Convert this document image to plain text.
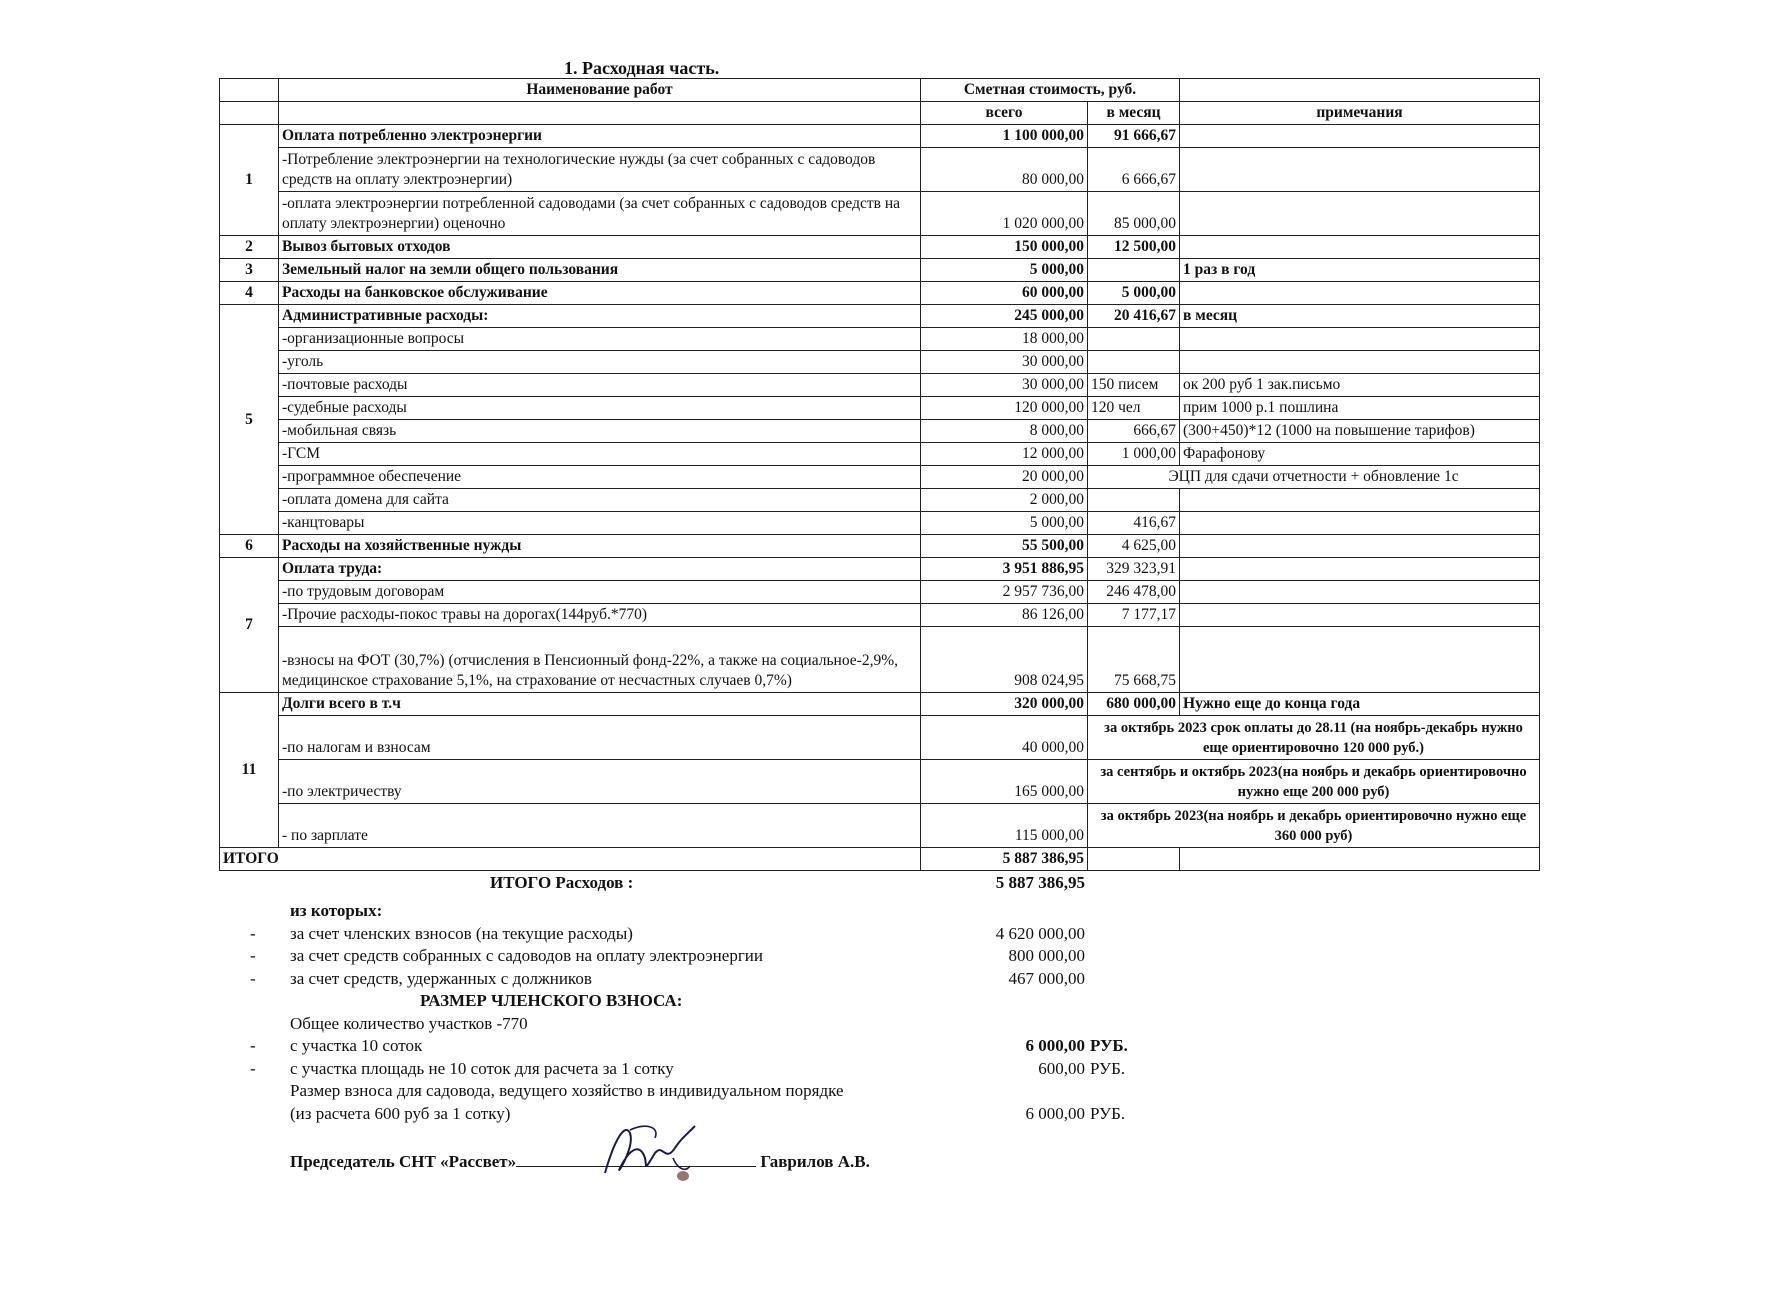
1. Расходная часть.
	Наименование работ	Сметная стоимость, руб.		
		всего	в месяц	примечания
1	Оплата потребленно электроэнергии	1 100 000,00	91 666,67	
	-Потребление электроэнергии на технологические нужды (за счет собранных с садоводов средств на оплату электроэнергии)	80 000,00	6 666,67	
	-оплата электроэнергии потребленной садоводами (за счет собранных с садоводов средств на оплату электроэнергии) оценочно	1 020 000,00	85 000,00	
2	Вывоз бытовых отходов	150 000,00	12 500,00	
3	Земельный налог на земли общего пользования	5 000,00		1 раз в год
4	Расходы на банковское обслуживание	60 000,00	5 000,00	
5	Административные расходы:	245 000,00	20 416,67	в месяц
	-организационные вопросы	18 000,00		
	-уголь	30 000,00		
	-почтовые расходы	30 000,00	150 писем	ок 200 руб 1 зак.письмо
	-судебные расходы	120 000,00	120 чел	прим 1000 р.1 пошлина
	-мобильная связь	8 000,00	666,67	(300+450)*12 (1000 на повышение тарифов)
	-ГСМ	12 000,00	1 000,00	Фарафонову
	-программное обеспечение	20 000,00	ЭЦП для сдачи отчетности + обновление 1с	
	-оплата домена для сайта	2 000,00		
	-канцтовары	5 000,00	416,67	
6	Расходы на хозяйственные нужды	55 500,00	4 625,00	
7	Оплата труда:	3 951 886,95	329 323,91	
	-по трудовым договорам	2 957 736,00	246 478,00	
	-Прочие расходы-покос травы на дорогах(144руб.*770)	86 126,00	7 177,17	
	-взносы на ФОТ (30,7%) (отчисления в Пенсионный фонд-22%, а также на социальное-2,9%, медицинское страхование 5,1%, на страхование от несчастных случаев 0,7%)	908 024,95	75 668,75	
11	Долги всего в т.ч	320 000,00	680 000,00	Нужно еще до конца года
	-по налогам и взносам	40 000,00	за октябрь 2023 срок оплаты до 28.11 (на ноябрь-декабрь нужно еще ориентировочно 120 000 руб.)	
	-по электричеству	165 000,00	за сентябрь и октябрь 2023(на ноябрь и декабрь ориентировочно нужно еще 200 000 руб)	
	- по зарплате	115 000,00	за октябрь 2023(на ноябрь и декабрь ориентировочно нужно еще 360 000 руб)	
ИТОГО		5 887 386,95		
ИТОГО Расходов :	5 887 386,95
из которых:
- за счет членских взносов (на текущие расходы)	4 620 000,00
- за счет средств собранных с садоводов на оплату электроэнергии	800 000,00
- за счет средств, удержанных с должников	467 000,00
РАЗМЕР ЧЛЕНСКОГО ВЗНОСА:
Общее количество участков -770
- с участка 10 соток	6 000,00 РУБ.
- с участка площадь не 10 соток для расчета за 1 сотку	600,00 РУБ.
Размер взноса для садовода, ведущего хозяйство в индивидуальном порядке
(из расчета 600 руб за 1 сотку)	6 000,00 РУБ.
Председатель СНТ «Рассвет»	Гаврилов А.В.
